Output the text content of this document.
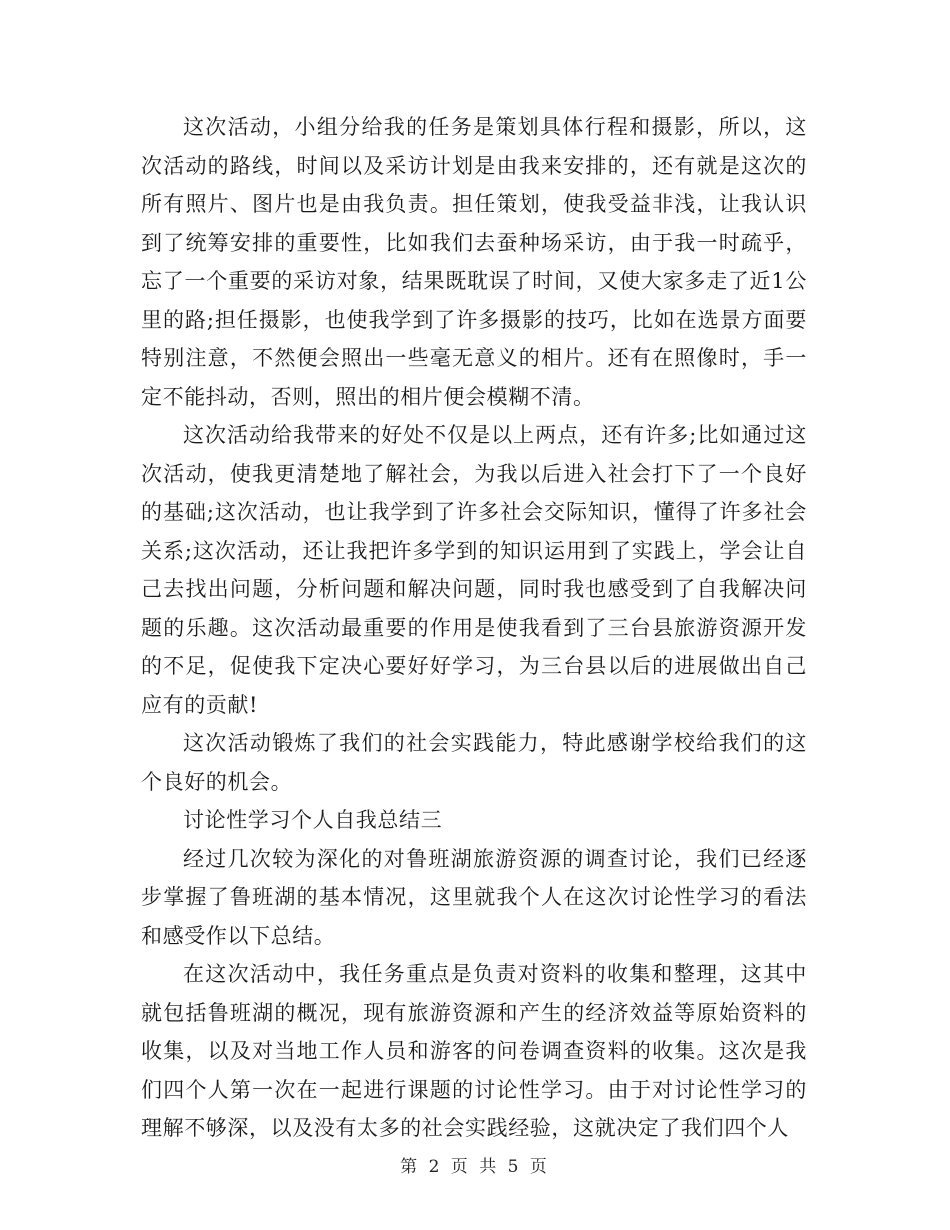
这次活动，小组分给我的任务是策划具体行程和摄影，所以，这次活动的路线，时间以及采访计划是由我来安排的，还有就是这次的所有照片、图片也是由我负责。担任策划，使我受益非浅，让我认识到了统筹安排的重要性，比如我们去蚕种场采访，由于我一时疏乎，忘了一个重要的采访对象，结果既耽误了时间，又使大家多走了近1公里的路;担任摄影，也使我学到了许多摄影的技巧，比如在选景方面要特别注意，不然便会照出一些毫无意义的相片。还有在照像时，手一定不能抖动，否则，照出的相片便会模糊不清。

这次活动给我带来的好处不仅是以上两点，还有许多;比如通过这次活动，使我更清楚地了解社会，为我以后进入社会打下了一个良好的基础;这次活动，也让我学到了许多社会交际知识，懂得了许多社会关系;这次活动，还让我把许多学到的知识运用到了实践上，学会让自己去找出问题，分析问题和解决问题，同时我也感受到了自我解决问题的乐趣。这次活动最重要的作用是使我看到了三台县旅游资源开发的不足，促使我下定决心要好好学习，为三台县以后的进展做出自己应有的贡献!

这次活动锻炼了我们的社会实践能力，特此感谢学校给我们的这个良好的机会。

讨论性学习个人自我总结三

经过几次较为深化的对鲁班湖旅游资源的调查讨论，我们已经逐步掌握了鲁班湖的基本情况，这里就我个人在这次讨论性学习的看法和感受作以下总结。

在这次活动中，我任务重点是负责对资料的收集和整理，这其中就包括鲁班湖的概况，现有旅游资源和产生的经济效益等原始资料的收集，以及对当地工作人员和游客的问卷调查资料的收集。这次是我们四个人第一次在一起进行课题的讨论性学习。由于对讨论性学习的理解不够深，以及没有太多的社会实践经验，这就决定了我们四个人

第 2 页 共 5 页
